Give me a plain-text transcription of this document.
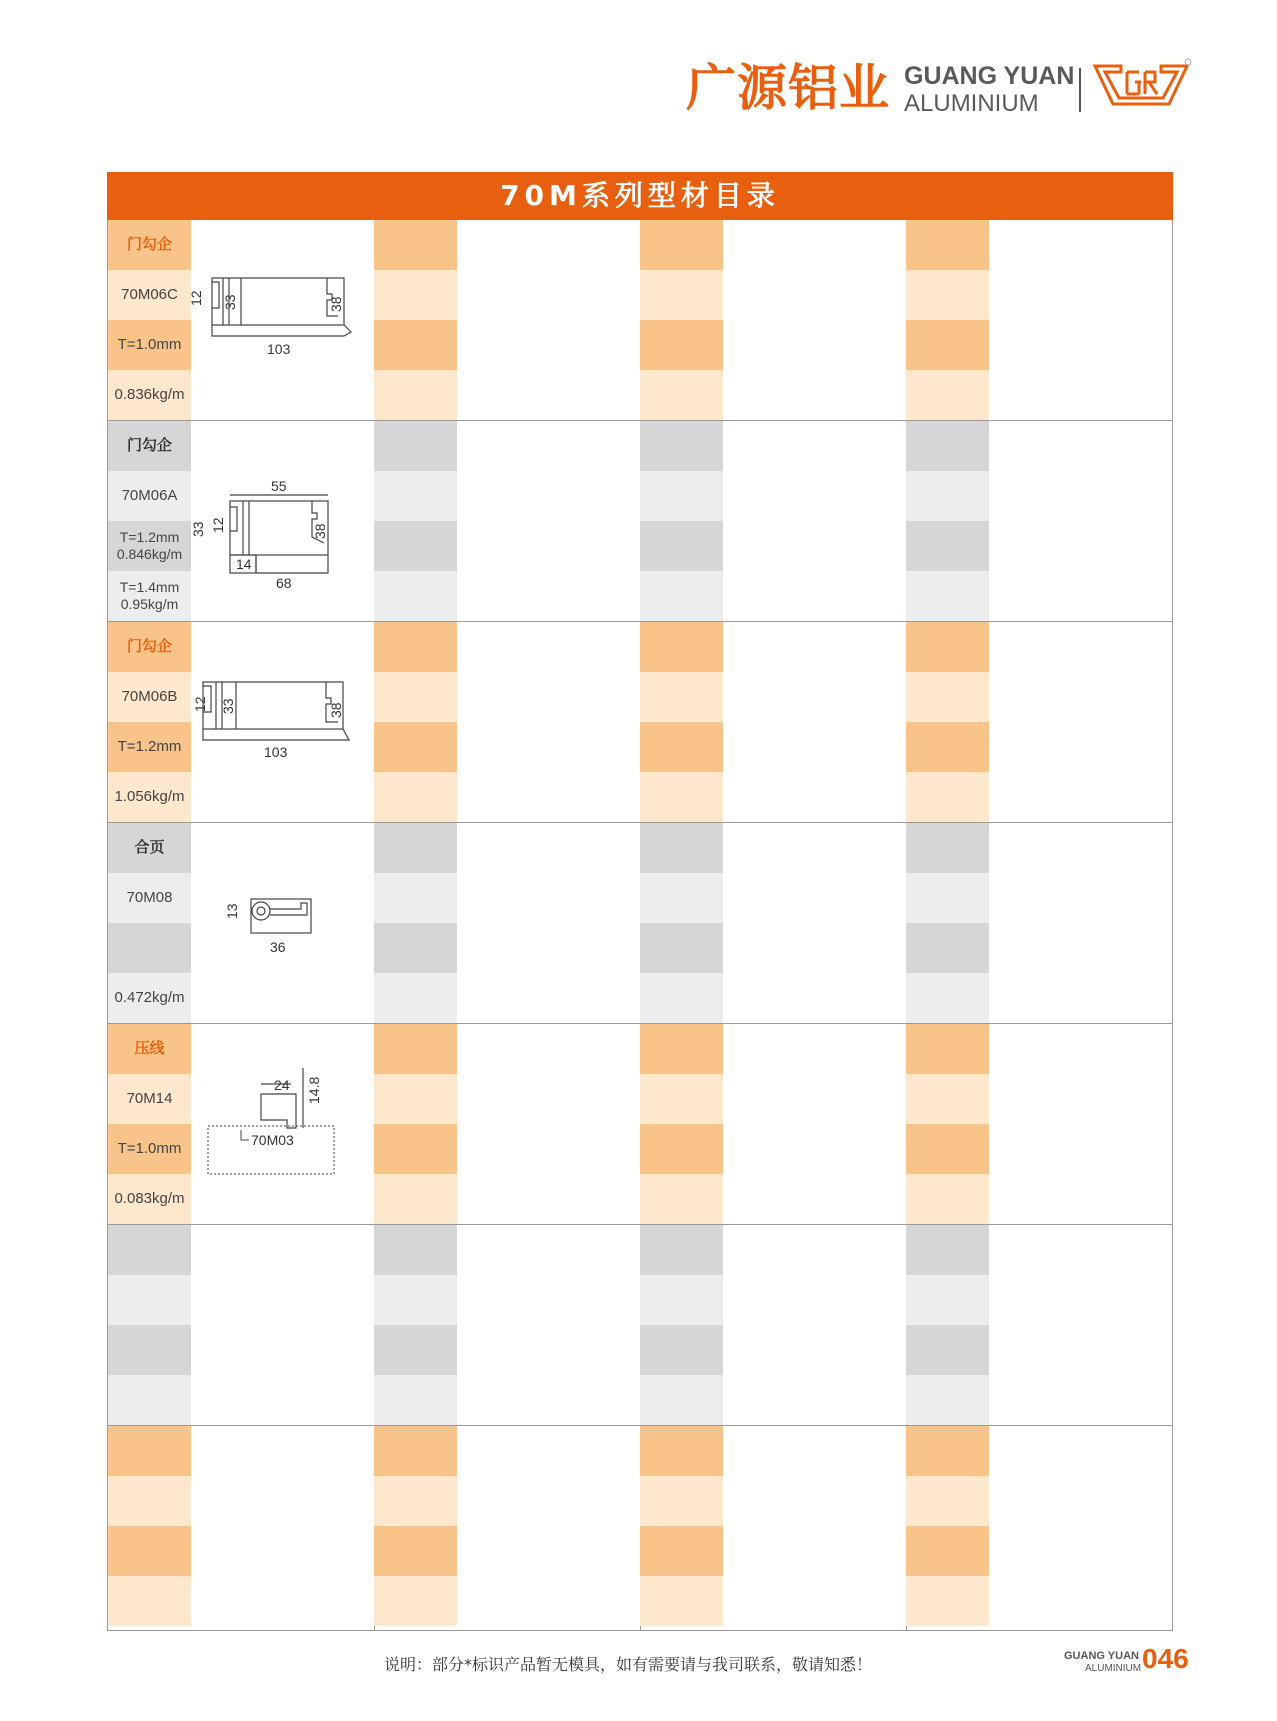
广源铝业 GUANG YUAN
ALUMINIUM
70M系列型材目录
门勾企
70M06C
T=1.0mm
0.836kg/m
12 33	38
103
门勾企
70M06A
T=1.2mm
0.846kg/m
T=1.4mm
0.95kg/m
55
33 12	38
14
68
门勾企
70M06B
T=1.2mm
1.056kg/m
12 33	38
103
合页
70M08
0.472kg/m
13
36
压线
70M14
T=1.0mm
0.083kg/m
24 14.8
70M03
说明：部分*标识产品暂无模具，如有需要请与我司联系，敬请知悉！	GUANG YUAN
ALUMINIUM 046
